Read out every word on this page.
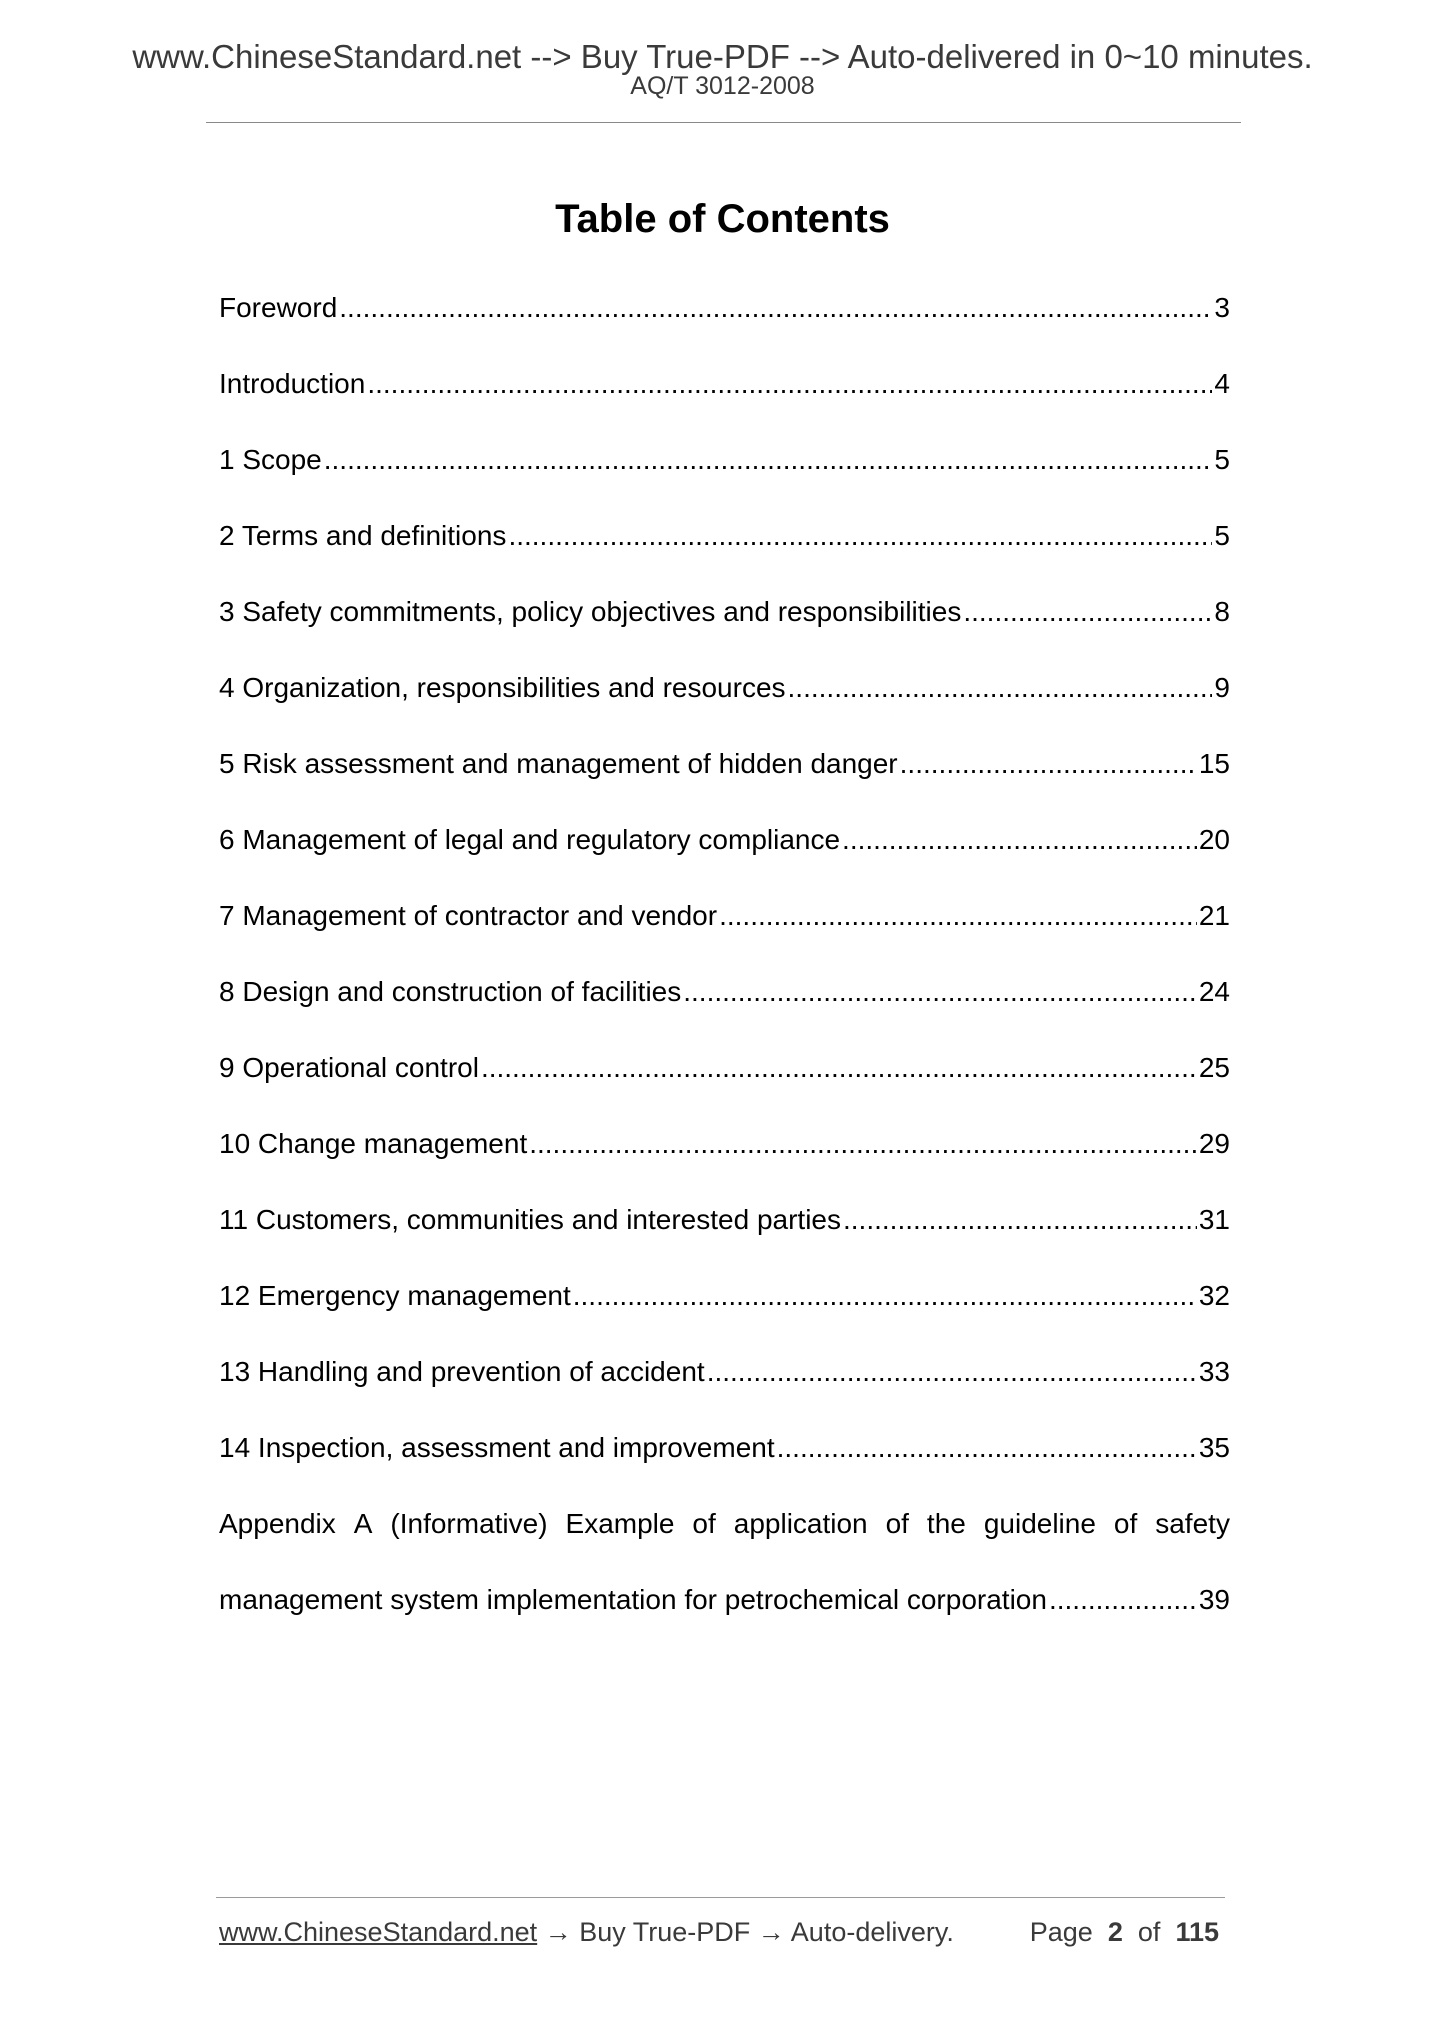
www.ChineseStandard.net --> Buy True-PDF --> Auto-delivered in 0~10 minutes.
AQ/T 3012-2008
Table of Contents
Foreword .....	3
Introduction .....	4
1 Scope .....	5
2 Terms and definitions .....	5
3 Safety commitments, policy objectives and responsibilities .....	8
4 Organization, responsibilities and resources .....	9
5 Risk assessment and management of hidden danger .....	15
6 Management of legal and regulatory compliance .....	20
7 Management of contractor and vendor .....	21
8 Design and construction of facilities .....	24
9 Operational control .....	25
10 Change management .....	29
11 Customers, communities and interested parties .....	31
12 Emergency management .....	32
13 Handling and prevention of accident .....	33
14 Inspection, assessment and improvement .....	35
Appendix A (Informative) Example of application of the guideline of safety
management system implementation for petrochemical corporation .....	39
www.ChineseStandard.net → Buy True-PDF → Auto-delivery.	Page 2 of 115
